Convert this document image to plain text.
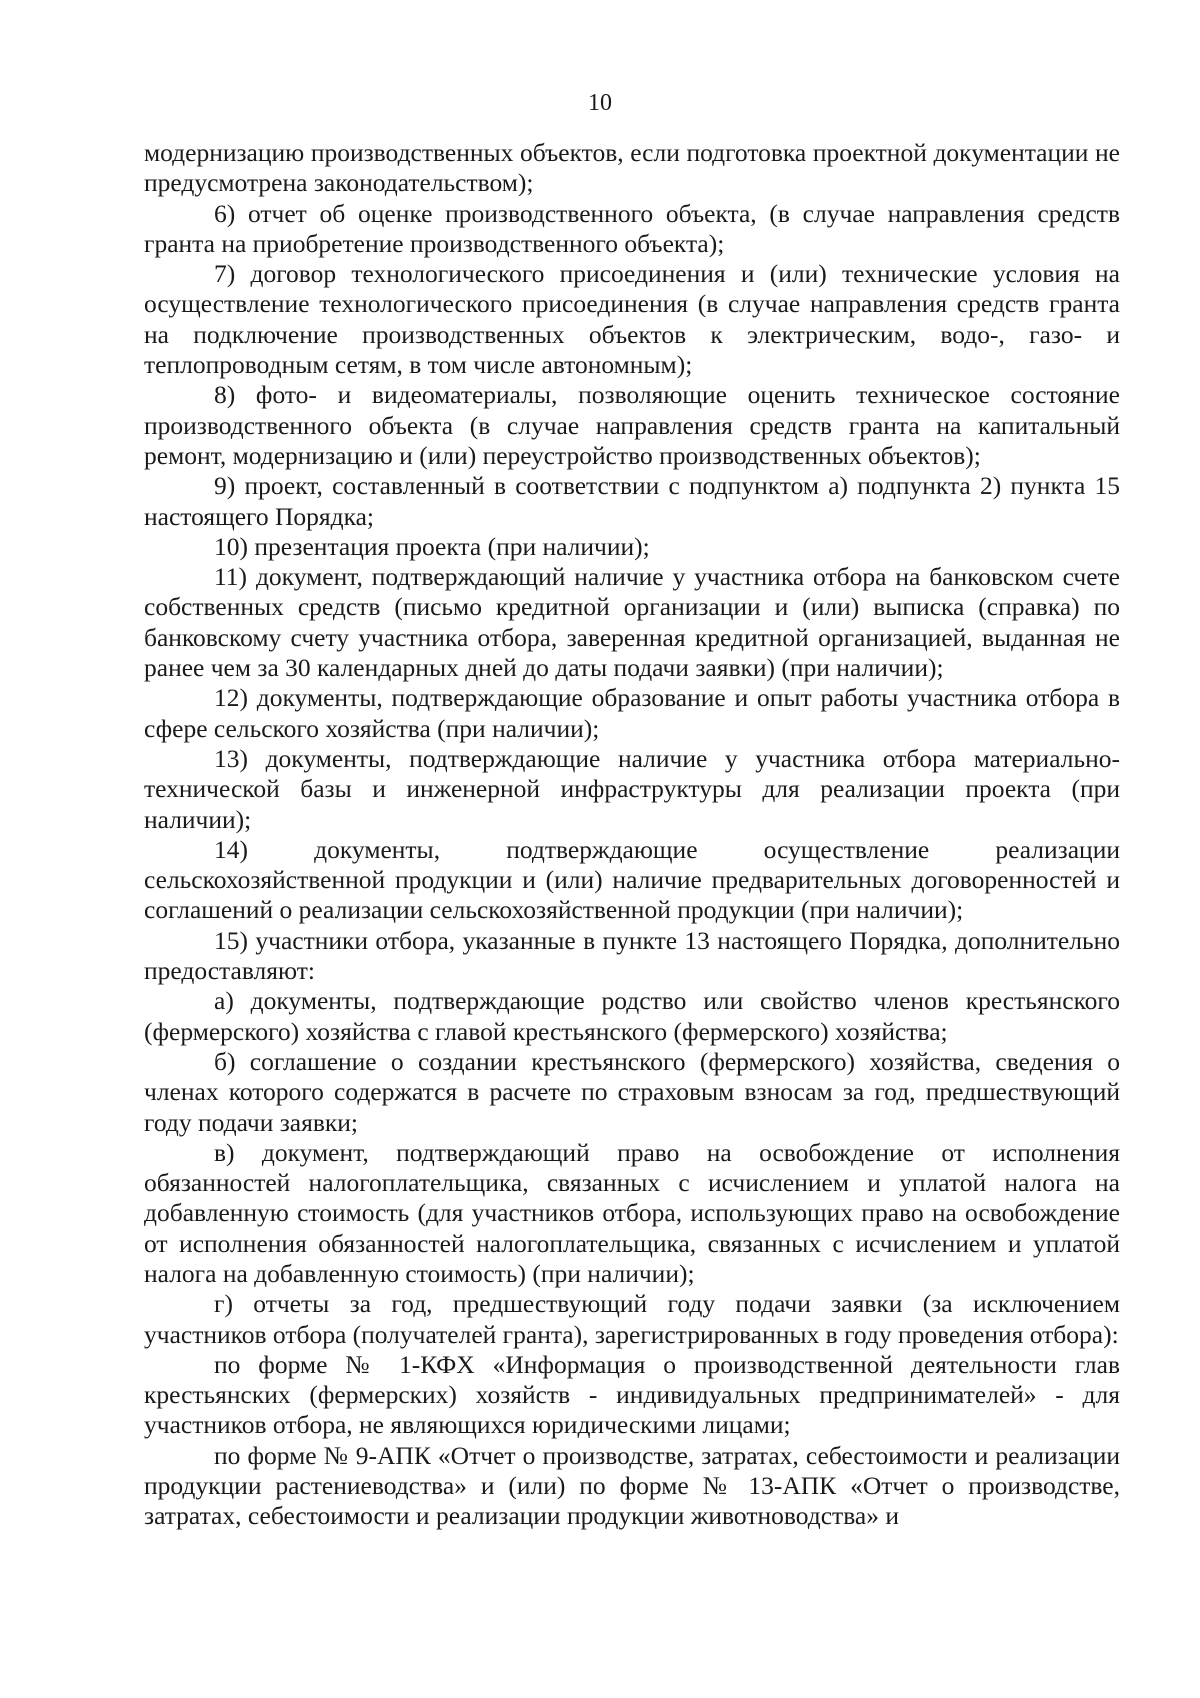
10

модернизацию производственных объектов, если подготовка проектной документации не предусмотрена законодательством);

6) отчет об оценке производственного объекта, (в случае направления средств гранта на приобретение производственного объекта);

7) договор технологического присоединения и (или) технические условия на осуществление технологического присоединения (в случае направления средств гранта на подключение производственных объектов к электрическим, водо-, газо- и теплопроводным сетям, в том числе автономным);

8) фото- и видеоматериалы, позволяющие оценить техническое состояние производственного объекта (в случае направления средств гранта на капитальный ремонт, модернизацию и (или) переустройство производственных объектов);

9) проект, составленный в соответствии с подпунктом а) подпункта 2) пункта 15 настоящего Порядка;

10) презентация проекта (при наличии);

11) документ, подтверждающий наличие у участника отбора на банковском счете собственных средств (письмо кредитной организации и (или) выписка (справка) по банковскому счету участника отбора, заверенная кредитной организацией, выданная не ранее чем за 30 календарных дней до даты подачи заявки) (при наличии);

12) документы, подтверждающие образование и опыт работы участника отбора в сфере сельского хозяйства (при наличии);

13) документы, подтверждающие наличие у участника отбора материально-технической базы и инженерной инфраструктуры для реализации проекта (при наличии);

14) документы, подтверждающие осуществление реализации сельскохозяйственной продукции и (или) наличие предварительных договоренностей и соглашений о реализации сельскохозяйственной продукции (при наличии);

15) участники отбора, указанные в пункте 13 настоящего Порядка, дополнительно предоставляют:

а) документы, подтверждающие родство или свойство членов крестьянского (фермерского) хозяйства с главой крестьянского (фермерского) хозяйства;

б) соглашение о создании крестьянского (фермерского) хозяйства, сведения о членах которого содержатся в расчете по страховым взносам за год, предшествующий году подачи заявки;

в) документ, подтверждающий право на освобождение от исполнения обязанностей налогоплательщика, связанных с исчислением и уплатой налога на добавленную стоимость (для участников отбора, использующих право на освобождение от исполнения обязанностей налогоплательщика, связанных с исчислением и уплатой налога на добавленную стоимость) (при наличии);

г) отчеты за год, предшествующий году подачи заявки (за исключением участников отбора (получателей гранта), зарегистрированных в году проведения отбора):

по форме № 1-КФХ «Информация о производственной деятельности глав крестьянских (фермерских) хозяйств - индивидуальных предпринимателей» - для участников отбора, не являющихся юридическими лицами;

по форме № 9-АПК «Отчет о производстве, затратах, себестоимости и реализации продукции растениеводства» и (или) по форме № 13-АПК «Отчет о производстве, затратах, себестоимости и реализации продукции животноводства» и
